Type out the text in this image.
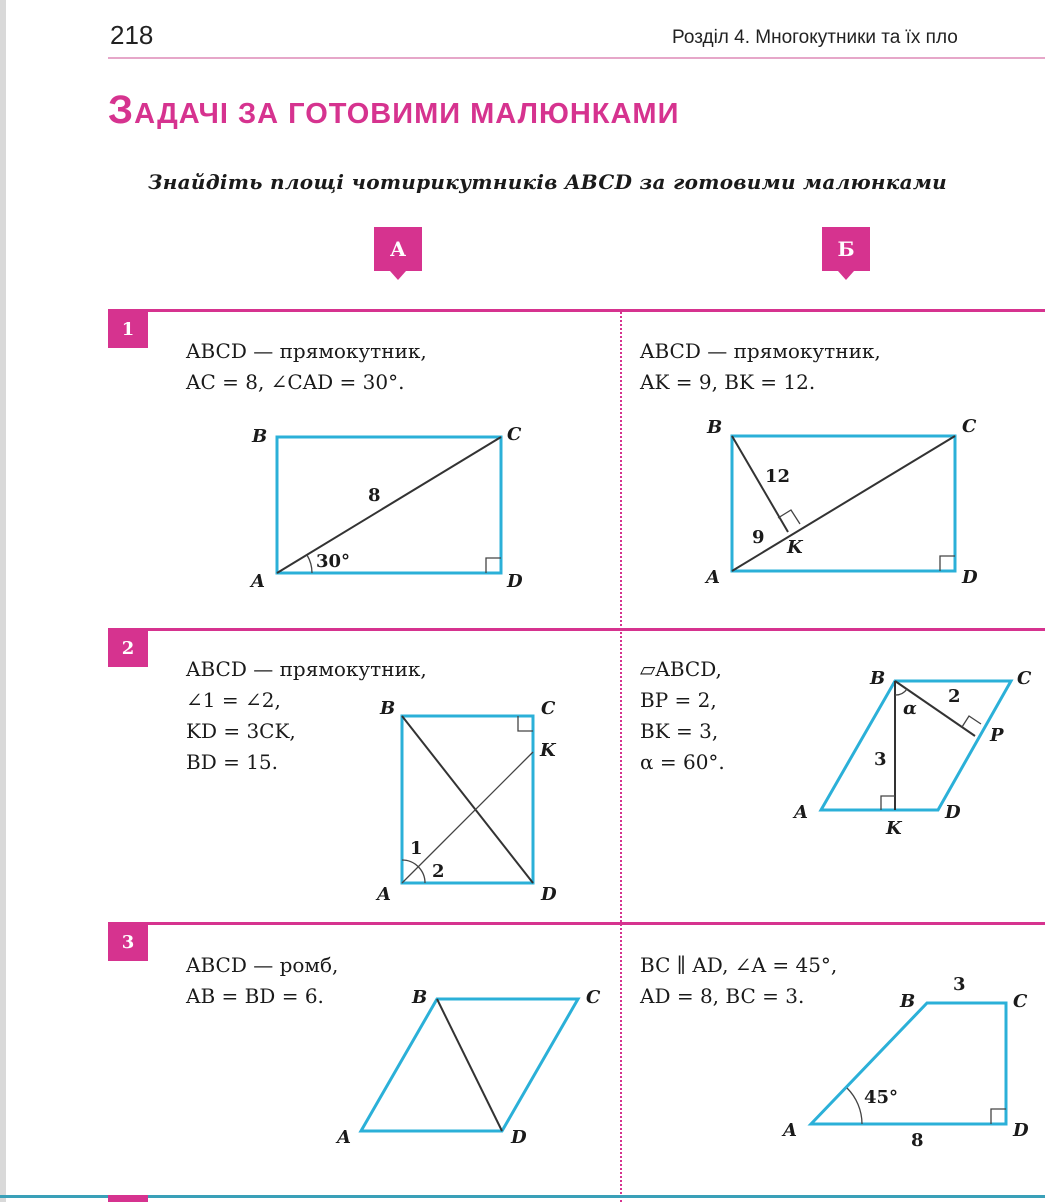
218	Розділ 4. Многокутники та їх пло
ЗАДАЧІ ЗА ГОТОВИМИ МАЛЮНКАМИ
Знайдіть площі чотирикутників ABCD за готовими малюнками
А	Б
1
2
3
ABCD — прямокутник,
AC = 8, ∠CAD = 30°.
ABCD — прямокутник,
AK = 9, BK = 12.
ABCD — прямокутник,
∠1 = ∠2,
KD = 3CK,
BD = 15.
▱ABCD,
BP = 2,
BK = 3,
α = 60°.
ABCD — ромб,
AB = BD = 6.
BC ∥ AD, ∠A = 45°,
AD = 8, BC = 3.
B	C
A	D
8
30°
B	C
A	D
K
12
9
B	C
A	D
K
1
2
B	C
A	D
K
P
α
2
3
B	C
A	D
B	C
A	D
3
8
45°
